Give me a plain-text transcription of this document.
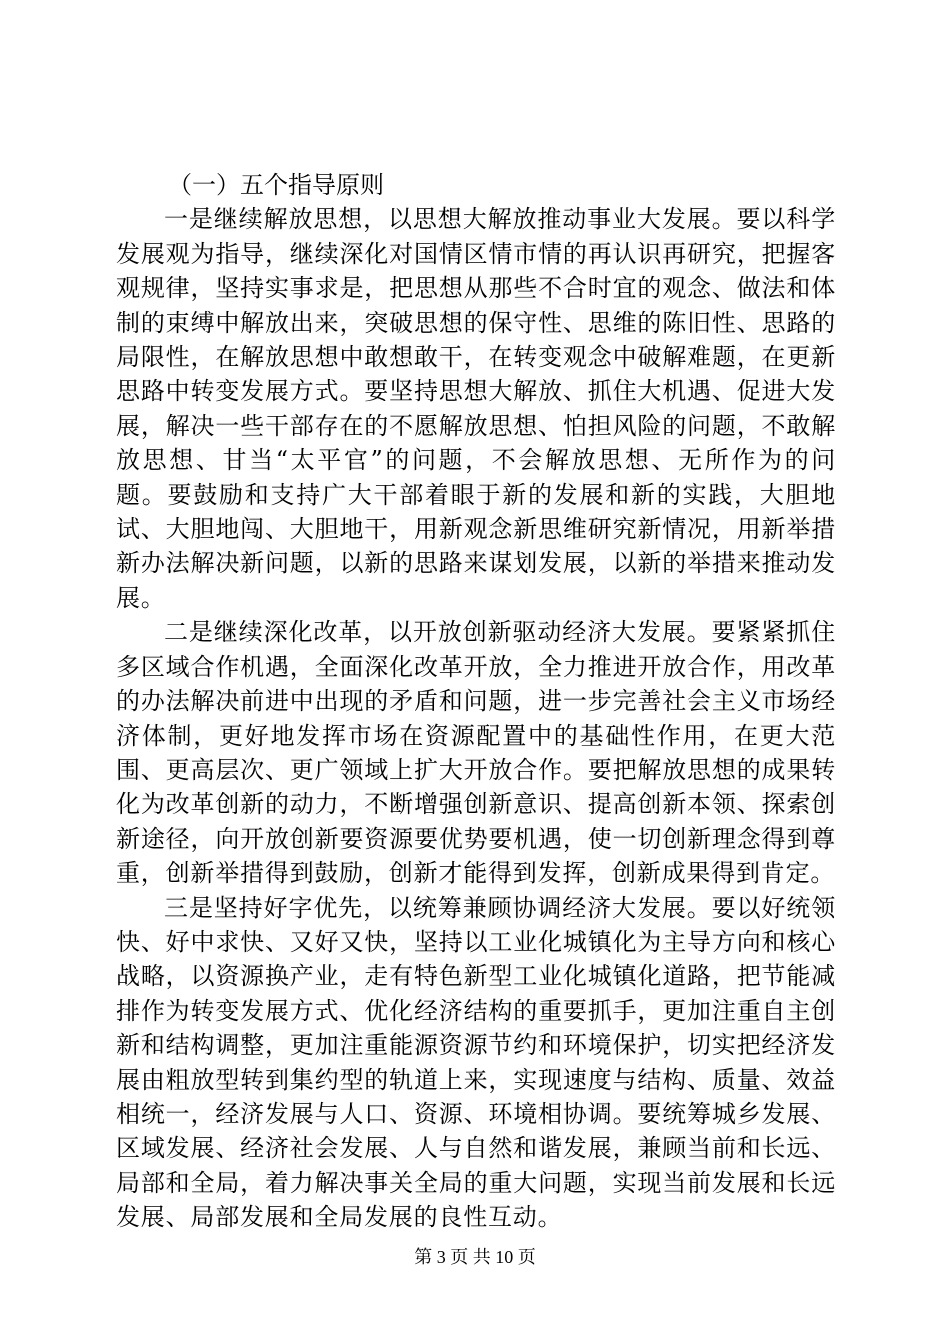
（一）五个指导原则

一是继续解放思想，以思想大解放推动事业大发展。要以科学发展观为指导，继续深化对国情区情市情的再认识再研究，把握客观规律，坚持实事求是，把思想从那些不合时宜的观念、做法和体制的束缚中解放出来，突破思想的保守性、思维的陈旧性、思路的局限性，在解放思想中敢想敢干，在转变观念中破解难题，在更新思路中转变发展方式。要坚持思想大解放、抓住大机遇、促进大发展，解决一些干部存在的不愿解放思想、怕担风险的问题，不敢解放思想、甘当“太平官”的问题，不会解放思想、无所作为的问题。要鼓励和支持广大干部着眼于新的发展和新的实践，大胆地试、大胆地闯、大胆地干，用新观念新思维研究新情况，用新举措新办法解决新问题，以新的思路来谋划发展，以新的举措来推动发展。

二是继续深化改革，以开放创新驱动经济大发展。要紧紧抓住多区域合作机遇，全面深化改革开放，全力推进开放合作，用改革的办法解决前进中出现的矛盾和问题，进一步完善社会主义市场经济体制，更好地发挥市场在资源配置中的基础性作用，在更大范围、更高层次、更广领域上扩大开放合作。要把解放思想的成果转化为改革创新的动力，不断增强创新意识、提高创新本领、探索创新途径，向开放创新要资源要优势要机遇，使一切创新理念得到尊重，创新举措得到鼓励，创新才能得到发挥，创新成果得到肯定。

三是坚持好字优先，以统筹兼顾协调经济大发展。要以好统领快、好中求快、又好又快，坚持以工业化城镇化为主导方向和核心战略，以资源换产业，走有特色新型工业化城镇化道路，把节能减排作为转变发展方式、优化经济结构的重要抓手，更加注重自主创新和结构调整，更加注重能源资源节约和环境保护，切实把经济发展由粗放型转到集约型的轨道上来，实现速度与结构、质量、效益相统一，经济发展与人口、资源、环境相协调。要统筹城乡发展、区域发展、经济社会发展、人与自然和谐发展，兼顾当前和长远、局部和全局，着力解决事关全局的重大问题，实现当前发展和长远发展、局部发展和全局发展的良性互动。

第 3 页 共 10 页
